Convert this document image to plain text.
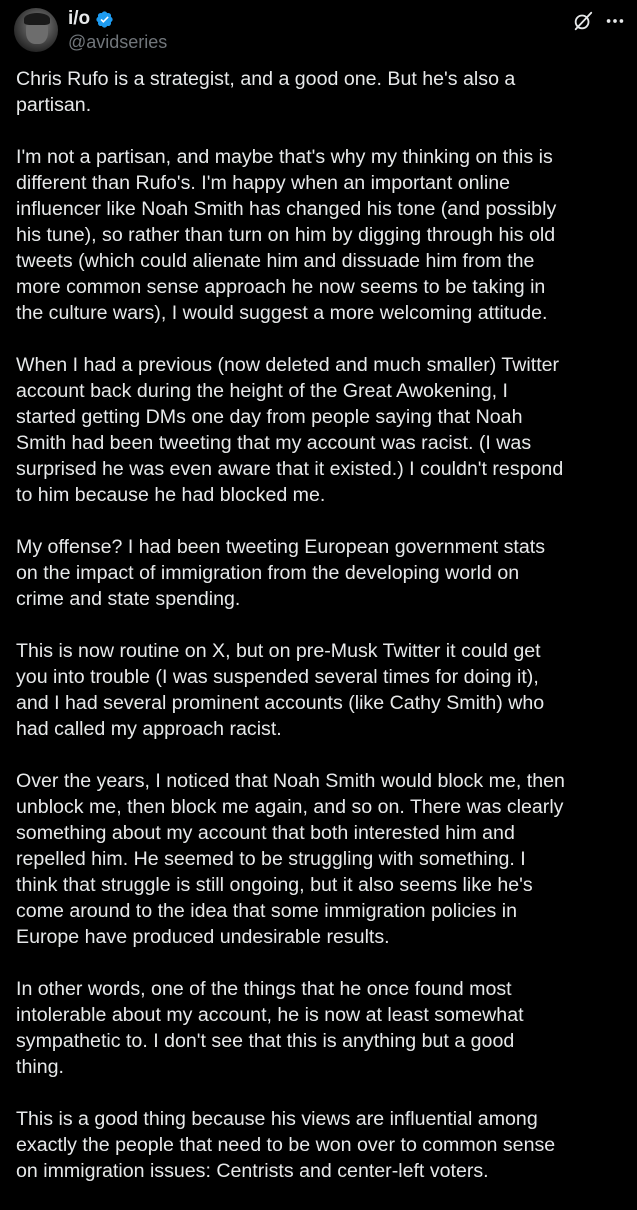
i/o
@avidseries

Chris Rufo is a strategist, and a good one. But he's also a
partisan.

I'm not a partisan, and maybe that's why my thinking on this is
different than Rufo's. I'm happy when an important online
influencer like Noah Smith has changed his tone (and possibly
his tune), so rather than turn on him by digging through his old
tweets (which could alienate him and dissuade him from the
more common sense approach he now seems to be taking in
the culture wars), I would suggest a more welcoming attitude.

When I had a previous (now deleted and much smaller) Twitter
account back during the height of the Great Awokening, I
started getting DMs one day from people saying that Noah
Smith had been tweeting that my account was racist. (I was
surprised he was even aware that it existed.) I couldn't respond
to him because he had blocked me.

My offense? I had been tweeting European government stats
on the impact of immigration from the developing world on
crime and state spending.

This is now routine on X, but on pre-Musk Twitter it could get
you into trouble (I was suspended several times for doing it),
and I had several prominent accounts (like Cathy Smith) who
had called my approach racist.

Over the years, I noticed that Noah Smith would block me, then
unblock me, then block me again, and so on. There was clearly
something about my account that both interested him and
repelled him. He seemed to be struggling with something. I
think that struggle is still ongoing, but it also seems like he's
come around to the idea that some immigration policies in
Europe have produced undesirable results.

In other words, one of the things that he once found most
intolerable about my account, he is now at least somewhat
sympathetic to. I don't see that this is anything but a good
thing.

This is a good thing because his views are influential among
exactly the people that need to be won over to common sense
on immigration issues: Centrists and center-left voters.
